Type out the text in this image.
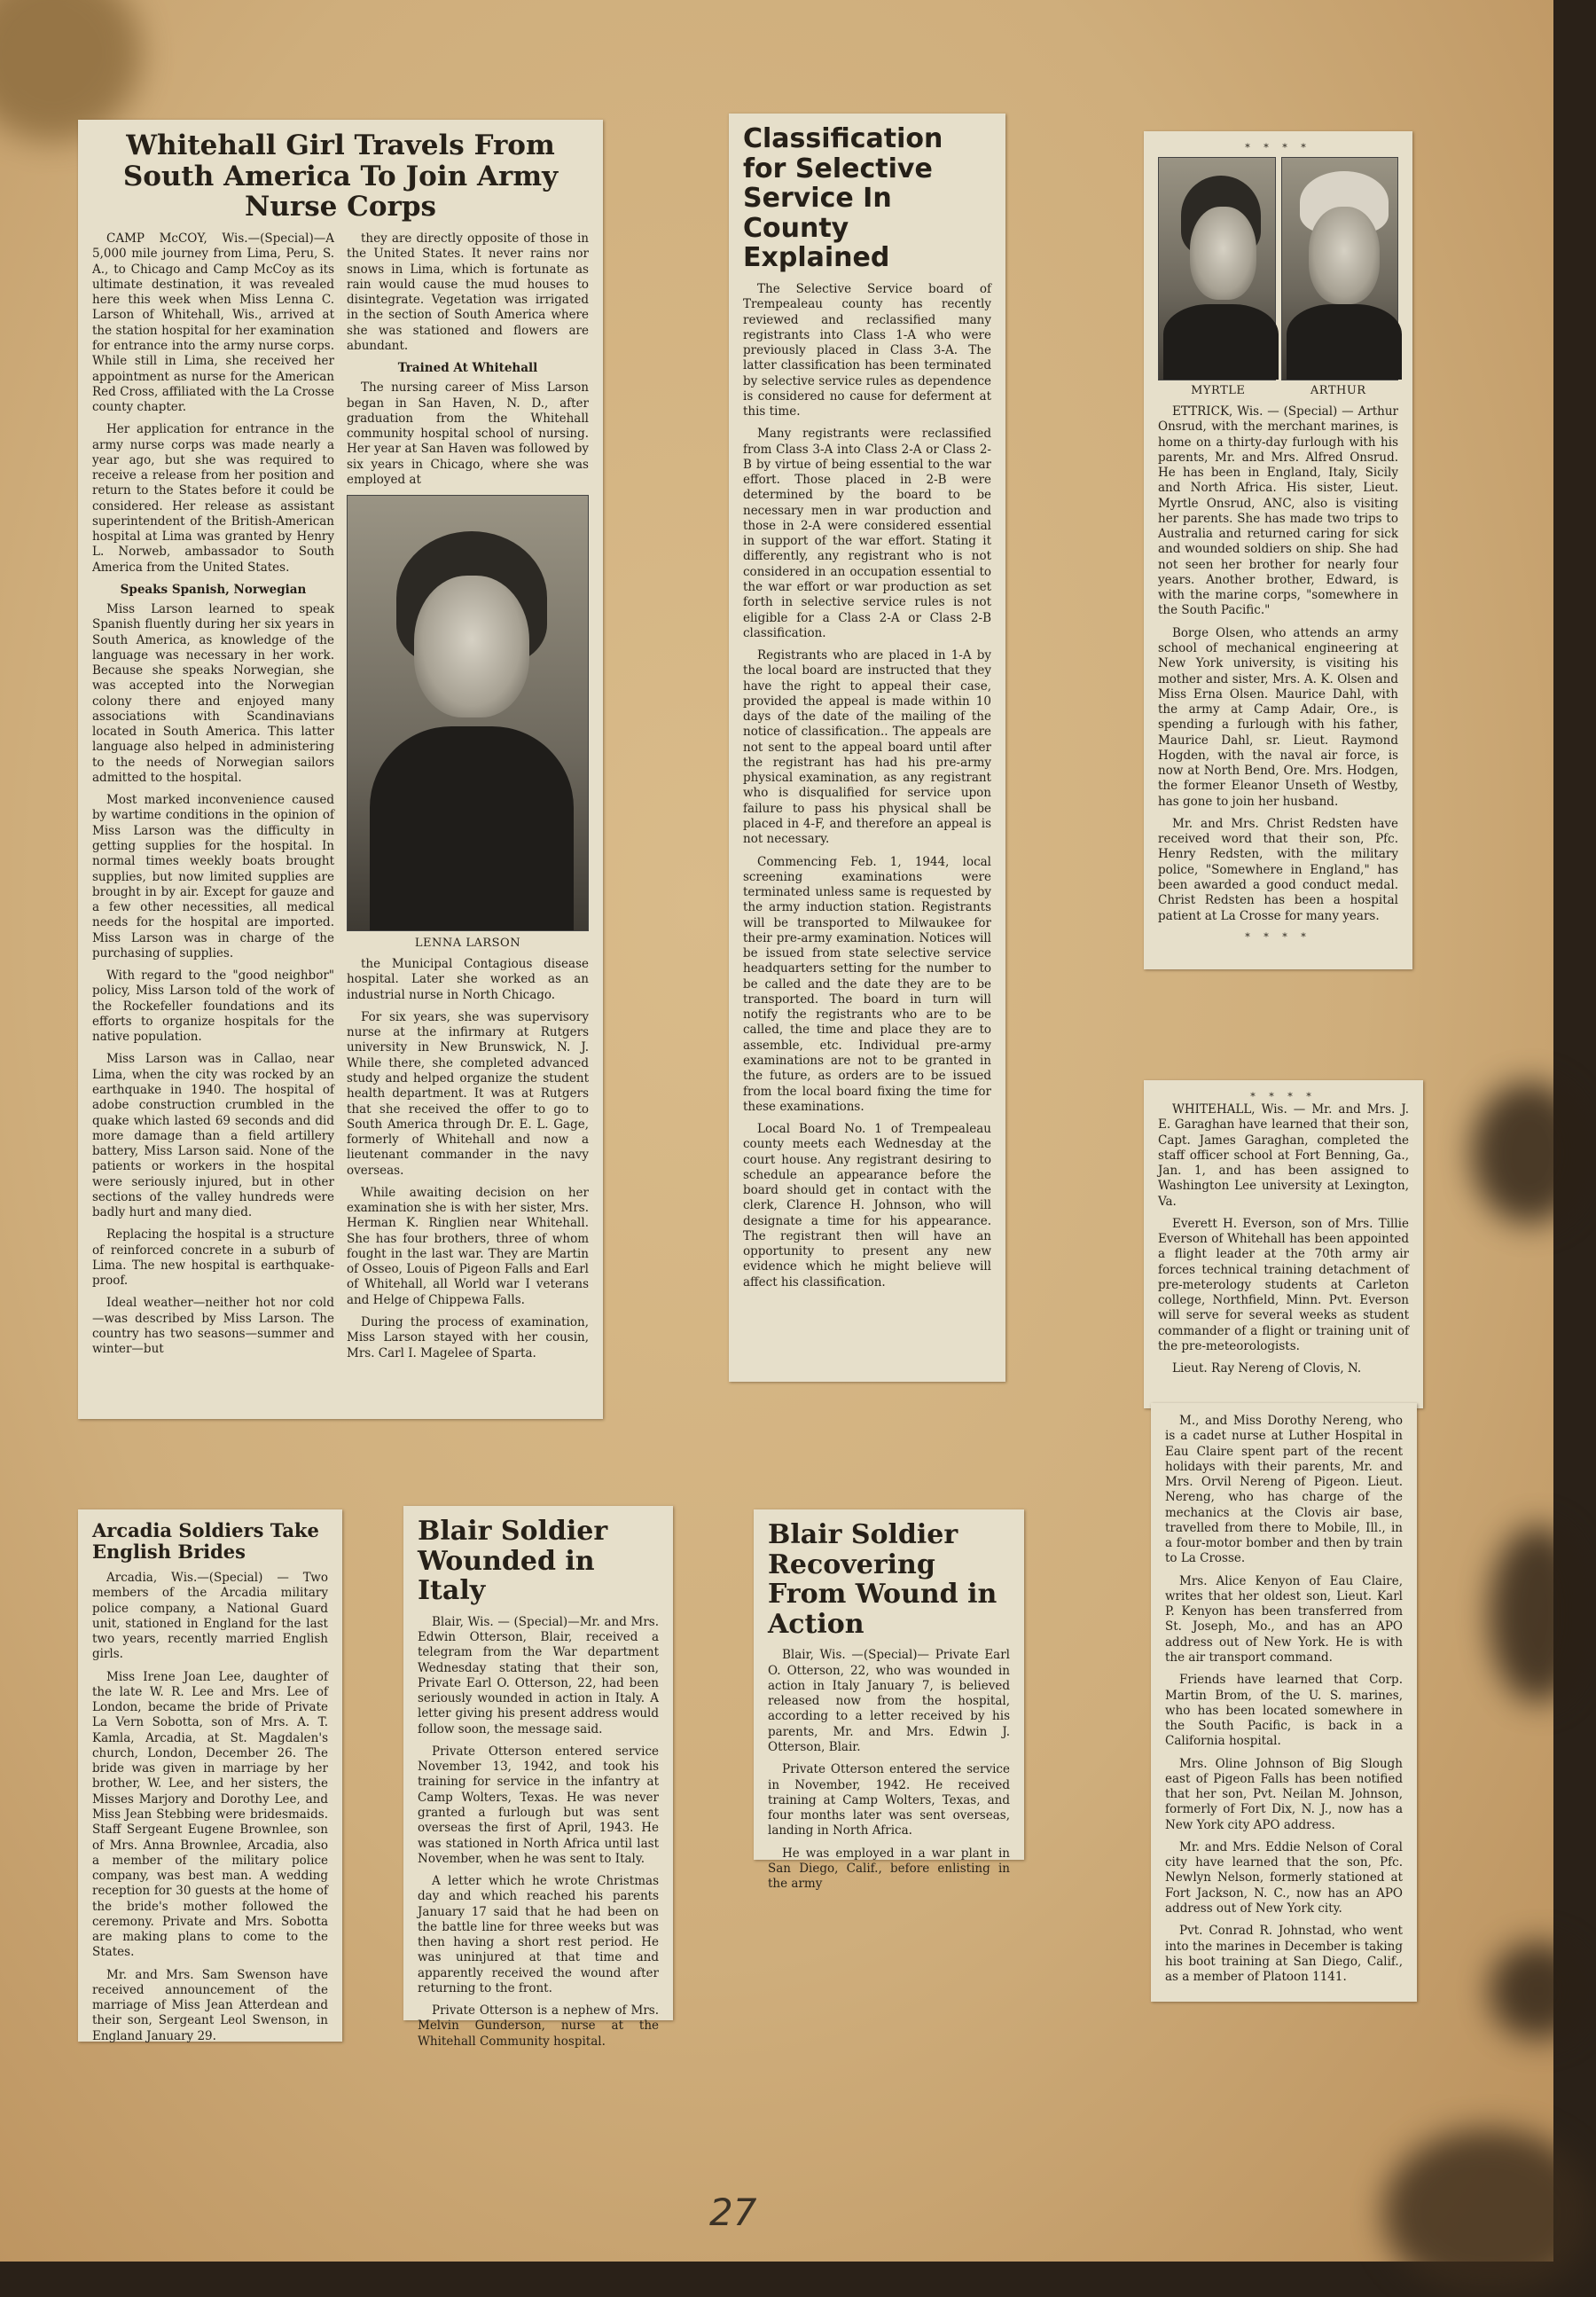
Whitehall Girl Travels From South America To Join Army Nurse Corps

CAMP McCOY, Wis.—(Special)—A 5,000 mile journey from Lima, Peru, S. A., to Chicago and Camp McCoy as its ultimate destination, it was revealed here this week when Miss Lenna C. Larson of Whitehall, Wis., arrived at the station hospital for her examination for entrance into the army nurse corps. While still in Lima, she received her appointment as nurse for the American Red Cross, affiliated with the La Crosse county chapter.

Her application for entrance in the army nurse corps was made nearly a year ago, but she was required to receive a release from her position and return to the States before it could be considered. Her release as assistant superintendent of the British-American hospital at Lima was granted by Henry L. Norweb, ambassador to South America from the United States.

Speaks Spanish, Norwegian

Miss Larson learned to speak Spanish fluently during her six years in South America, as knowledge of the language was necessary in her work. Because she speaks Norwegian, she was accepted into the Norwegian colony there and enjoyed many associations with Scandinavians located in South America. This latter language also helped in administering to the needs of Norwegian sailors admitted to the hospital.

Most marked inconvenience caused by wartime conditions in the opinion of Miss Larson was the difficulty in getting supplies for the hospital. In normal times weekly boats brought supplies, but now limited supplies are brought in by air. Except for gauze and a few other necessities, all medical needs for the hospital are imported. Miss Larson was in charge of the purchasing of supplies.

With regard to the "good neighbor" policy, Miss Larson told of the work of the Rockefeller foundations and its efforts to organize hospitals for the native population.

Miss Larson was in Callao, near Lima, when the city was rocked by an earthquake in 1940. The hospital of adobe construction crumbled in the quake which lasted 69 seconds and did more damage than a field artillery battery, Miss Larson said. None of the patients or workers in the hospital were seriously injured, but in other sections of the valley hundreds were badly hurt and many died.

Replacing the hospital is a structure of reinforced concrete in a suburb of Lima. The new hospital is earthquake-proof.

Ideal weather—neither hot nor cold—was described by Miss Larson. The country has two seasons—summer and winter—but

they are directly opposite of those in the United States. It never rains nor snows in Lima, which is fortunate as rain would cause the mud houses to disintegrate. Vegetation was irrigated in the section of South America where she was stationed and flowers are abundant.

Trained At Whitehall

The nursing career of Miss Larson began in San Haven, N. D., after graduation from the Whitehall community hospital school of nursing. Her year at San Haven was followed by six years in Chicago, where she was employed at

LENNA LARSON

the Municipal Contagious disease hospital. Later she worked as an industrial nurse in North Chicago.

For six years, she was supervisory nurse at the infirmary at Rutgers university in New Brunswick, N. J. While there, she completed advanced study and helped organize the student health department. It was at Rutgers that she received the offer to go to South America through Dr. E. L. Gage, formerly of Whitehall and now a lieutenant commander in the navy overseas.

While awaiting decision on her examination she is with her sister, Mrs. Herman K. Ringlien near Whitehall. She has four brothers, three of whom fought in the last war. They are Martin of Osseo, Louis of Pigeon Falls and Earl of Whitehall, all World war I veterans and Helge of Chippewa Falls.

During the process of examination, Miss Larson stayed with her cousin, Mrs. Carl I. Magelee of Sparta.

Classification for Selective Service In County Explained

The Selective Service board of Trempealeau county has recently reviewed and reclassified many registrants into Class 1-A who were previously placed in Class 3-A. The latter classification has been terminated by selective service rules as dependence is considered no cause for deferment at this time.

Many registrants were reclassified from Class 3-A into Class 2-A or Class 2-B by virtue of being essential to the war effort. Those placed in 2-B were determined by the board to be necessary men in war production and those in 2-A were considered essential in support of the war effort. Stating it differently, any registrant who is not considered in an occupation essential to the war effort or war production as set forth in selective service rules is not eligible for a Class 2-A or Class 2-B classification.

Registrants who are placed in 1-A by the local board are instructed that they have the right to appeal their case, provided the appeal is made within 10 days of the date of the mailing of the notice of classification.. The appeals are not sent to the appeal board until after the registrant has had his pre-army physical examination, as any registrant who is disqualified for service upon failure to pass his physical shall be placed in 4-F, and therefore an appeal is not necessary.

Commencing Feb. 1, 1944, local screening examinations were terminated unless same is requested by the army induction station. Registrants will be transported to Milwaukee for their pre-army examination. Notices will be issued from state selective service headquarters setting for the number to be called and the date they are to be transported. The board in turn will notify the registrants who are to be called, the time and place they are to assemble, etc. Individual pre-army examinations are not to be granted in the future, as orders are to be issued from the local board fixing the time for these examinations.

Local Board No. 1 of Trempealeau county meets each Wednesday at the court house. Any registrant desiring to schedule an appearance before the board should get in contact with the clerk, Clarence H. Johnson, who will designate a time for his appearance. The registrant then will have an opportunity to present any new evidence which he might believe will affect his classification.

* * * *
MYRTLE	ARTHUR

ETTRICK, Wis. — (Special) — Arthur Onsrud, with the merchant marines, is home on a thirty-day furlough with his parents, Mr. and Mrs. Alfred Onsrud. He has been in England, Italy, Sicily and North Africa. His sister, Lieut. Myrtle Onsrud, ANC, also is visiting her parents. She has made two trips to Australia and returned caring for sick and wounded soldiers on ship. She had not seen her brother for nearly four years. Another brother, Edward, is with the marine corps, "somewhere in the South Pacific."

Borge Olsen, who attends an army school of mechanical engineering at New York university, is visiting his mother and sister, Mrs. A. K. Olsen and Miss Erna Olsen. Maurice Dahl, with the army at Camp Adair, Ore., is spending a furlough with his father, Maurice Dahl, sr. Lieut. Raymond Hogden, with the naval air force, is now at North Bend, Ore. Mrs. Hodgen, the former Eleanor Unseth of Westby, has gone to join her husband.

Mr. and Mrs. Christ Redsten have received word that their son, Pfc. Henry Redsten, with the military police, "Somewhere in England," has been awarded a good conduct medal. Christ Redsten has been a hospital patient at La Crosse for many years.

* * * *
* * * *

WHITEHALL, Wis. — Mr. and Mrs. J. E. Garaghan have learned that their son, Capt. James Garaghan, completed the staff officer school at Fort Benning, Ga., Jan. 1, and has been assigned to Washington Lee university at Lexington, Va.

Everett H. Everson, son of Mrs. Tillie Everson of Whitehall has been appointed a flight leader at the 70th army air forces technical training detachment of pre-meterology students at Carleton college, Northfield, Minn. Pvt. Everson will serve for several weeks as student commander of a flight or training unit of the pre-meteorologists.

Lieut. Ray Nereng of Clovis, N.

M., and Miss Dorothy Nereng, who is a cadet nurse at Luther Hospital in Eau Claire spent part of the recent holidays with their parents, Mr. and Mrs. Orvil Nereng of Pigeon. Lieut. Nereng, who has charge of the mechanics at the Clovis air base, travelled from there to Mobile, Ill., in a four-motor bomber and then by train to La Crosse.

Mrs. Alice Kenyon of Eau Claire, writes that her oldest son, Lieut. Karl P. Kenyon has been transferred from St. Joseph, Mo., and has an APO address out of New York. He is with the air transport command.

Friends have learned that Corp. Martin Brom, of the U. S. marines, who has been located somewhere in the South Pacific, is back in a California hospital.

Mrs. Oline Johnson of Big Slough east of Pigeon Falls has been notified that her son, Pvt. Neilan M. Johnson, formerly of Fort Dix, N. J., now has a New York city APO address.

Mr. and Mrs. Eddie Nelson of Coral city have learned that the son, Pfc. Newlyn Nelson, formerly stationed at Fort Jackson, N. C., now has an APO address out of New York city.

Pvt. Conrad R. Johnstad, who went into the marines in December is taking his boot training at San Diego, Calif., as a member of Platoon 1141.

Arcadia Soldiers Take English Brides

Arcadia, Wis.—(Special) — Two members of the Arcadia military police company, a National Guard unit, stationed in England for the last two years, recently married English girls.

Miss Irene Joan Lee, daughter of the late W. R. Lee and Mrs. Lee of London, became the bride of Private La Vern Sobotta, son of Mrs. A. T. Kamla, Arcadia, at St. Magdalen's church, London, December 26. The bride was given in marriage by her brother, W. Lee, and her sisters, the Misses Marjory and Dorothy Lee, and Miss Jean Stebbing were bridesmaids. Staff Sergeant Eugene Brownlee, son of Mrs. Anna Brownlee, Arcadia, also a member of the military police company, was best man. A wedding reception for 30 guests at the home of the bride's mother followed the ceremony. Private and Mrs. Sobotta are making plans to come to the States.

Mr. and Mrs. Sam Swenson have received announcement of the marriage of Miss Jean Atterdean and their son, Sergeant Leol Swenson, in England January 29.

Blair Soldier Wounded in Italy

Blair, Wis. — (Special)—Mr. and Mrs. Edwin Otterson, Blair, received a telegram from the War department Wednesday stating that their son, Private Earl O. Otterson, 22, had been seriously wounded in action in Italy. A letter giving his present address would follow soon, the message said.

Private Otterson entered service November 13, 1942, and took his training for service in the infantry at Camp Wolters, Texas. He was never granted a furlough but was sent overseas the first of April, 1943. He was stationed in North Africa until last November, when he was sent to Italy.

A letter which he wrote Christmas day and which reached his parents January 17 said that he had been on the battle line for three weeks but was then having a short rest period. He was uninjured at that time and apparently received the wound after returning to the front.

Private Otterson is a nephew of Mrs. Melvin Gunderson, nurse at the Whitehall Community hospital.

Blair Soldier Recovering From Wound in Action

Blair, Wis. —(Special)— Private Earl O. Otterson, 22, who was wounded in action in Italy January 7, is believed released now from the hospital, according to a letter received by his parents, Mr. and Mrs. Edwin J. Otterson, Blair.

Private Otterson entered the service in November, 1942. He received training at Camp Wolters, Texas, and four months later was sent overseas, landing in North Africa.

He was employed in a war plant in San Diego, Calif., before enlisting in the army

27
